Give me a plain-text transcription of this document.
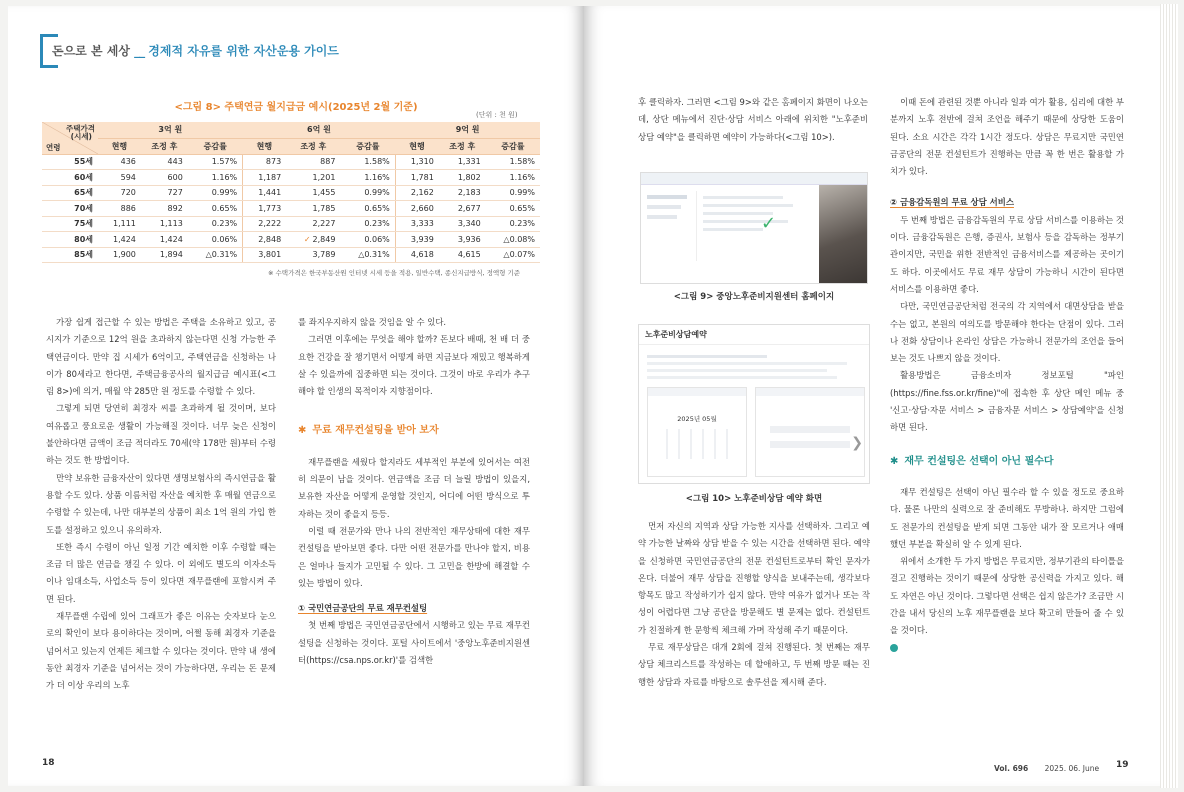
돈으로 본 세상 __ 경제적 자유를 위한 자산운용 가이드
<그림 8> 주택연금 월지급금 예시(2025년 2월 기준)
(단위 : 천 원)
주택가격
(시세)
연령	3억 원			6억 원			9억 원		
	현행	조정 후	증감률	현행	조정 후	증감률	현행	조정 후	증감률
55세	436	443	1.57%	873	887	1.58%	1,310	1,331	1.58%
60세	594	600	1.16%	1,187	1,201	1.16%	1,781	1,802	1.16%
65세	720	727	0.99%	1,441	1,455	0.99%	2,162	2,183	0.99%
70세	886	892	0.65%	1,773	1,785	0.65%	2,660	2,677	0.65%
75세	1,111	1,113	0.23%	2,222	2,227	0.23%	3,333	3,340	0.23%
80세	1,424	1,424	0.06%	2,848	✓ 2,849	0.06%	3,939	3,936	△0.08%
85세	1,900	1,894	△0.31%	3,801	3,789	△0.31%	4,618	4,615	△0.07%
※ 수택가격은 한국부동산원 인터넷 시세 등을 적용, 일반수택, 종신지급방식, 정액형 기준

가장 쉽게 접근할 수 있는 방법은 주택을 소유하고 있고, 공시지가 기준으로 12억 원을 초과하지 않는다면 신청 가능한 주택연금이다. 만약 집 시세가 6억이고, 주택연금을 신청하는 나이가 80세라고 한다면, 주택금융공사의 월지급금 예시표(<그림 8>)에 의거, 매월 약 285만 원 정도를 수령할 수 있다.

그렇게 되면 당연히 최경자 씨를 초과하게 될 것이며, 보다 여유롭고 풍요로운 생활이 가능해질 것이다. 너무 늦은 신청이 불안하다면 금액이 조금 적더라도 70세(약 178만 원)부터 수령하는 것도 한 방법이다.

만약 보유한 금융자산이 있다면 생명보험사의 즉시연금을 활용할 수도 있다. 상품 이름처럼 자산을 예치한 후 매월 연금으로 수령할 수 있는데, 나만 대부분의 상품이 최소 1억 원의 가입 한도를 설정하고 있으니 유의하자.

또한 즉시 수령이 아닌 일정 기간 예치한 이후 수령할 때는 조금 더 많은 연금을 챙길 수 있다. 이 외에도 별도의 이자소득이나 임대소득, 사업소득 등이 있다면 재무플랜에 포함시켜 주면 된다.

재무플랜 수립에 있어 그래프가 좋은 이유는 숫자보다 눈으로의 확인이 보다 용이하다는 것이며, 어쩔 동해 최경자 기준을 넘어서고 있는지 언제든 체크할 수 있다는 것이다. 만약 내 생에 동안 최경자 기준을 넘어서는 것이 가능하다면, 우리는 돈 문제가 더 이상 우리의 노후

를 좌지우지하지 않을 것임을 알 수 있다.

그러면 이후에는 무엇을 해야 할까? 돈보다 배때, 천 배 더 중요한 건강을 잘 챙기면서 어떻게 하면 지금보다 재밌고 행복하게 살 수 있을까에 집중하면 되는 것이다. 그것이 바로 우리가 추구해야 할 인생의 목적이자 지향점이다.

✱ 무료 재무컨설팅을 받아 보자

재무플랜을 세웠다 할지라도 세부적인 부분에 있어서는 여전히 의문이 남을 것이다. 연금액을 조금 더 늘릴 방법이 있을지, 보유한 자산을 어떻게 운영할 것인지, 어디에 어떤 방식으로 투자하는 것이 좋을지 등등.

이럴 때 전문가와 만나 나의 전반적인 재무상태에 대한 재무컨설팅을 받아보면 좋다. 다만 어떤 전문가를 만나야 할지, 비용은 얼마나 들지가 고민될 수 있다. 그 고민을 한방에 해결할 수 있는 방법이 있다.

① 국민연금공단의 무료 재무컨설팅

첫 번째 방법은 국민연금공단에서 시행하고 있는 무료 재무컨설팅을 신청하는 것이다. 포털 사이트에서 '중앙노후준비지원센터(https://csa.nps.or.kr)'를 검색한

18

후 클릭하자. 그러면 <그림 9>와 같은 홈페이지 화면이 나오는데, 상단 메뉴에서 진단·상담 서비스 아래에 위치한 "노후준비상담 예약"을 클릭하면 예약이 가능하다(<그림 10>).

✓
<그림 9> 중앙노후준비지원센터 홈페이지
노후준비상담예약
2025년 05월
❯
<그림 10> 노후준비상담 예약 화면

먼저 자신의 지역과 상담 가능한 지사를 선택하자. 그리고 예약 가능한 날짜와 상담 받을 수 있는 시간을 선택하면 된다. 예약을 신청하면 국민연금공단의 전문 컨설턴트로부터 확인 문자가 온다. 더불어 재무 상담을 진행할 양식을 보내주는데, 생각보다 항목도 많고 작성하기가 쉽지 않다. 만약 여유가 없거나 또는 작성이 어렵다면 그냥 공단을 방문해도 별 문제는 없다. 컨설턴트가 친절하게 한 문항씩 체크해 가며 작성해 주기 때문이다.

무료 재무상담은 대개 2회에 걸쳐 진행된다. 첫 번째는 재무상담 체크리스트를 작성하는 데 할애하고, 두 번째 방문 때는 진행한 상담과 자료를 바탕으로 솔루션을 제시해 준다.

이때 돈에 관련된 것뿐 아니라 일과 여가 활용, 심리에 대한 부분까지 노후 전반에 걸쳐 조언을 해주기 때문에 상당한 도움이 된다. 소요 시간은 각각 1시간 정도다. 상담은 무료지만 국민연금공단의 전문 컨설턴트가 진행하는 만큼 꼭 한 번은 활용할 가치가 있다.

② 금융감독원의 무료 상담 서비스

두 번째 방법은 금융감독원의 무료 상담 서비스를 이용하는 것이다. 금융감독원은 은행, 증권사, 보험사 등을 감독하는 정부기관이지만, 국민을 위한 전반적인 금융서비스를 제공하는 곳이기도 하다. 이곳에서도 무료 재무 상담이 가능하니 시간이 된다면 서비스를 이용하면 좋다.

다만, 국민연금공단처럼 전국의 각 지역에서 대면상담을 받을 수는 없고, 본원의 여의도를 방문해야 한다는 단점이 있다. 그러나 전화 상담이나 온라인 상담은 가능하니 전문가의 조언을 들어보는 것도 나쁘지 않을 것이다.

활용방법은 금융소비자 정보포털 "파인(https://fine.fss.or.kr/fine)"에 접속한 후 상단 메인 메뉴 중 '신고·상담·자문 서비스 > 금융자문 서비스 > 상담예약'을 신청하면 된다.

✱ 재무 컨설팅은 선택이 아닌 필수다

재무 컨설팅은 선택이 아닌 필수라 할 수 있을 정도로 중요하다. 물론 나만의 실력으로 잘 준비해도 무방하나. 하지만 그럼에도 전문가의 컨설팅을 받게 되면 그동안 내가 잘 모르거나 애매했던 부분을 확실히 알 수 있게 된다.

위에서 소개한 두 가지 방법은 무료지만, 정부기관의 타이틀을 걸고 진행하는 것이기 때문에 상당한 공신력을 가지고 있다. 해도 자연은 아닌 것이다. 그렇다면 선택은 쉽지 않은가? 조금만 시간을 내서 당신의 노후 재무플랜을 보다 확고히 만들어 줄 수 있을 것이다.

Vol. 696 2025. 06. June 19
